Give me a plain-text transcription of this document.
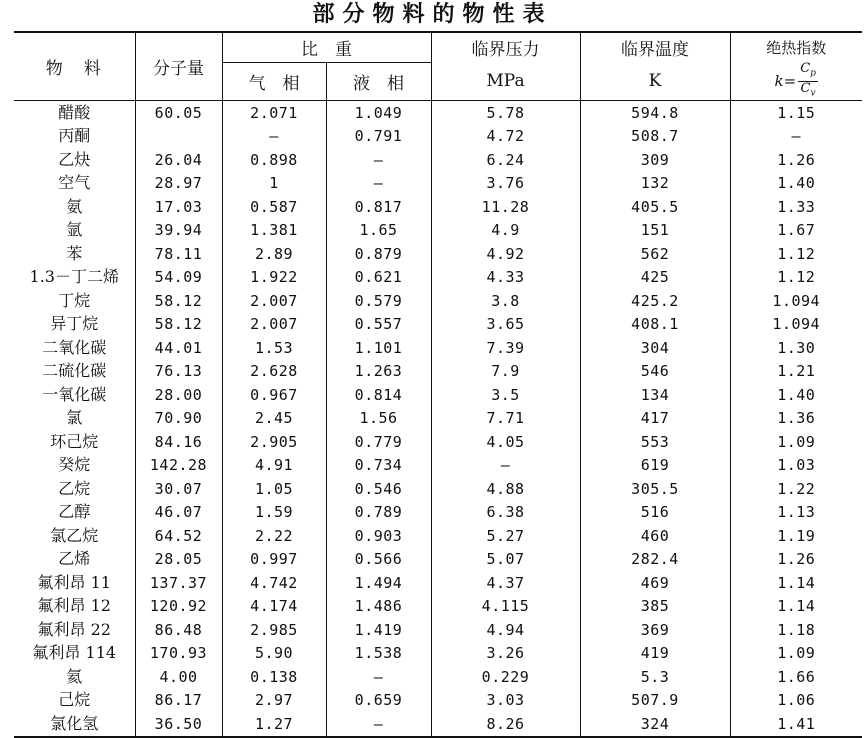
部分物料的物性表
物　料	分子量	比　重		临界压力	临界温度	绝热指数
		气　相	液　相	MPa	K	$k= \frac{C_p}{C_v}$

醋酸	60.05	2.071	1.049	5.78	594.8	1.15
丙酮		—	0.791	4.72	508.7	—
乙炔	26.04	0.898	—	6.24	309	1.26
空气	28.97	1	—	3.76	132	1.40
氨	17.03	0.587	0.817	11.28	405.5	1.33
氩	39.94	1.381	1.65	4.9	151	1.67
苯	78.11	2.89	0.879	4.92	562	1.12
1.3－丁二烯	54.09	1.922	0.621	4.33	425	1.12
丁烷	58.12	2.007	0.579	3.8	425.2	1.094
异丁烷	58.12	2.007	0.557	3.65	408.1	1.094
二氧化碳	44.01	1.53	1.101	7.39	304	1.30
二硫化碳	76.13	2.628	1.263	7.9	546	1.21
一氧化碳	28.00	0.967	0.814	3.5	134	1.40
氯	70.90	2.45	1.56	7.71	417	1.36
环己烷	84.16	2.905	0.779	4.05	553	1.09
癸烷	142.28	4.91	0.734	—	619	1.03
乙烷	30.07	1.05	0.546	4.88	305.5	1.22
乙醇	46.07	1.59	0.789	6.38	516	1.13
氯乙烷	64.52	2.22	0.903	5.27	460	1.19
乙烯	28.05	0.997	0.566	5.07	282.4	1.26
氟利昂 11	137.37	4.742	1.494	4.37	469	1.14
氟利昂 12	120.92	4.174	1.486	4.115	385	1.14
氟利昂 22	86.48	2.985	1.419	4.94	369	1.18
氟利昂 114	170.93	5.90	1.538	3.26	419	1.09
氦	4.00	0.138	—	0.229	5.3	1.66
己烷	86.17	2.97	0.659	3.03	507.9	1.06
氯化氢	36.50	1.27	—	8.26	324	1.41
